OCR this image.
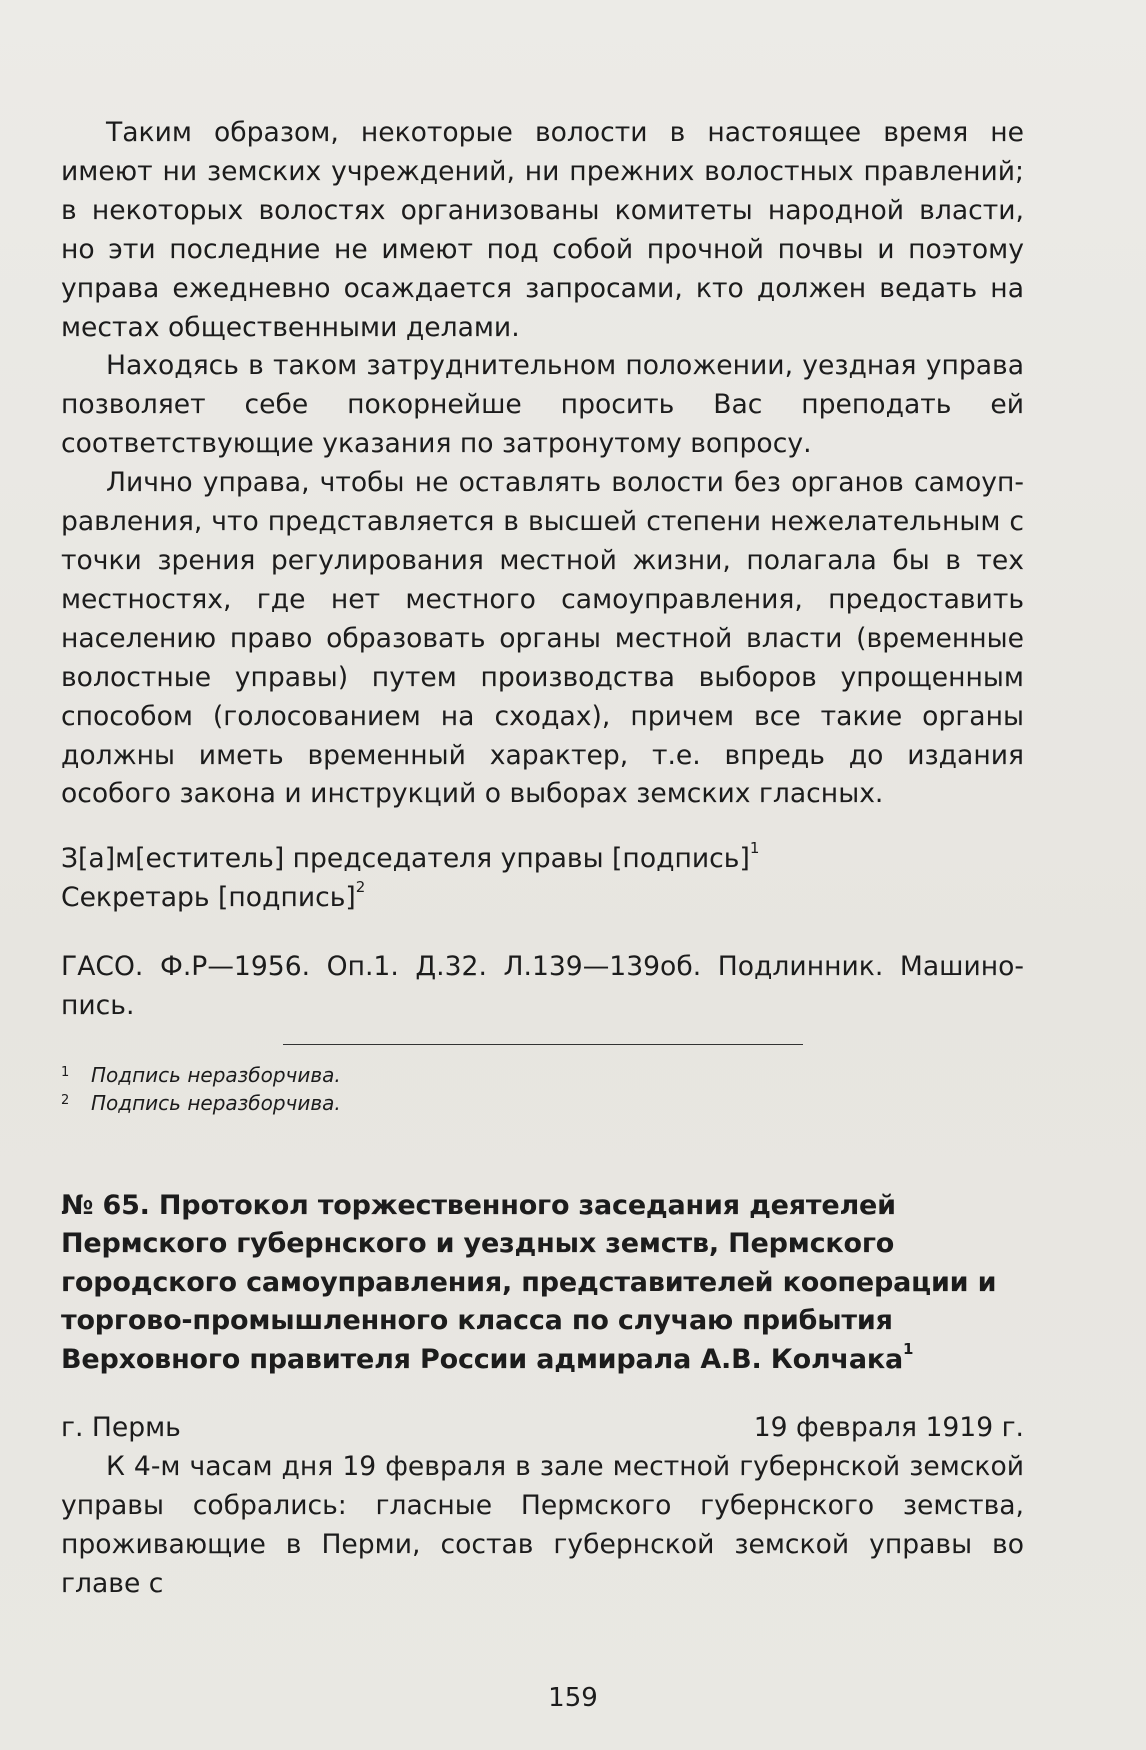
Таким образом, некоторые волости в настоящее время не имеют ни земских учреждений, ни прежних волостных правлений; в некоторых волостях организованы комитеты народной власти, но эти последние не имеют под собой прочной почвы и поэтому управа ежедневно осаждается запросами, кто должен ведать на местах общественными делами.

Находясь в таком затруднительном положении, уездная управа позволяет себе покорнейше просить Вас преподать ей соответствующие указания по затронутому вопросу.

Лично управа, чтобы не оставлять волости без органов самоуправления, что представляется в высшей степени нежелательным с точки зрения регулирования местной жизни, полагала бы в тех местностях, где нет местного самоуправления, предоставить населению право образовать органы местной власти (временные волостные управы) путем производства выборов упрощенным способом (голосованием на сходах), причем все такие органы должны иметь временный характер, т.е. впредь до издания особого закона и инструкций о выборах земских гласных.

З[а]м[еститель] председателя управы [подпись]$^1$

Секретарь [подпись]$^2$

ГАСО. Ф.Р—1956. Оп.1. Д.32. Л.139—139об. Подлинник. Машинопись.
1	Подпись неразборчива.
2	Подпись неразборчива.
№ 65. Протокол торжественного заседания деятелей Пермского губернского и уездных земств, Пермского городского самоуправления, представителей кооперации и торгово-промышленного класса по случаю прибытия Верховного правителя России адмирала А.В. Колчака$^1$
г. Пермь	19 февраля 1919 г.

К 4-м часам дня 19 февраля в зале местной губернской земской управы собрались: гласные Пермского губернского земства, проживающие в Перми, состав губернской земской управы во главе с

159
